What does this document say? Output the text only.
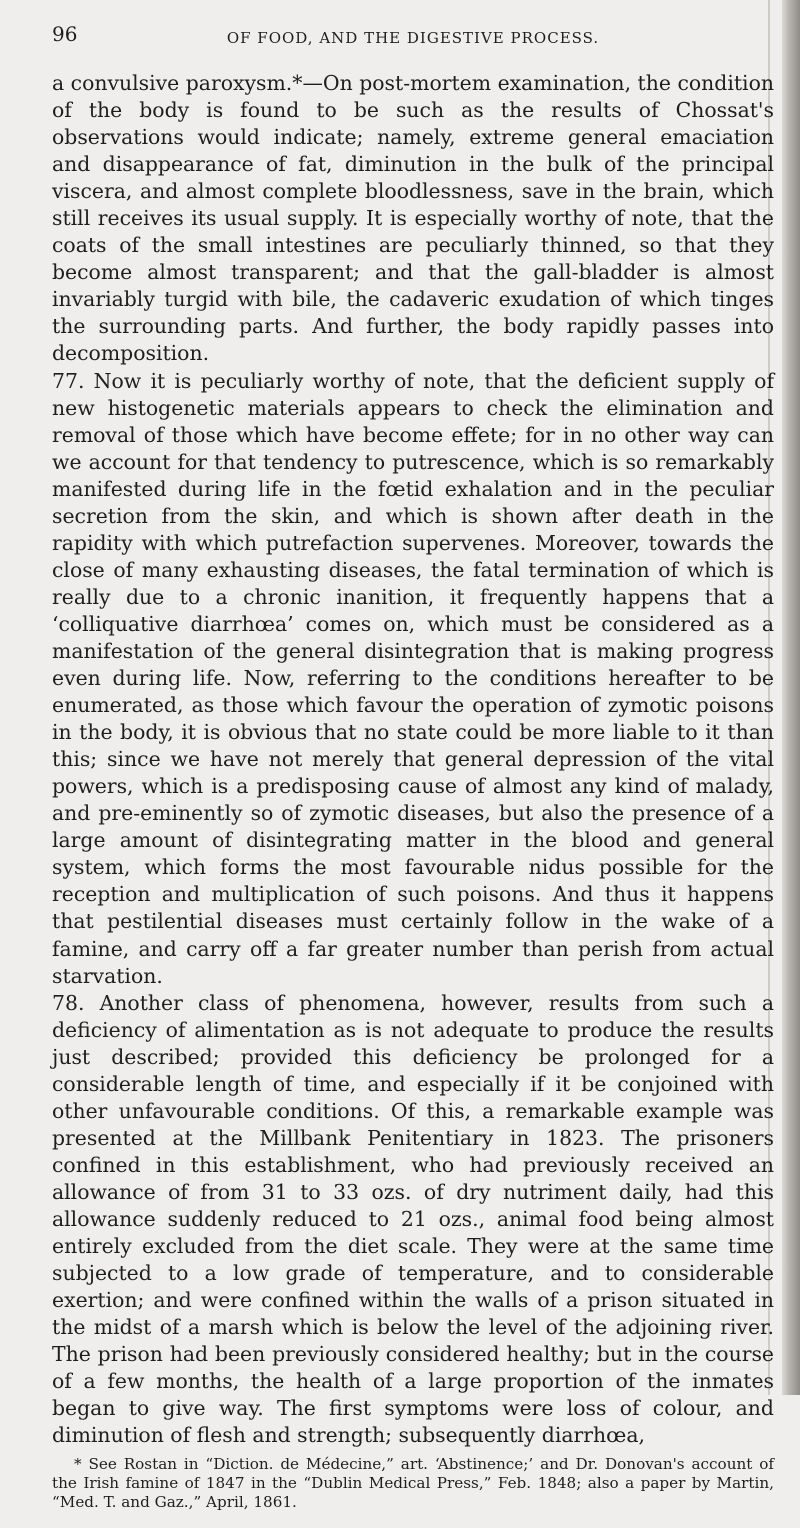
96	OF FOOD, AND THE DIGESTIVE PROCESS.

a convulsive paroxysm.*—On post-mortem examination, the condition of the body is found to be such as the results of Chossat's observations would indicate; namely, extreme general emaciation and disappearance of fat, diminution in the bulk of the principal viscera, and almost complete bloodlessness, save in the brain, which still receives its usual supply. It is especially worthy of note, that the coats of the small intestines are peculiarly thinned, so that they become almost transparent; and that the gall-bladder is almost invariably turgid with bile, the cadaveric exudation of which tinges the surrounding parts. And further, the body rapidly passes into decomposition.

77. Now it is peculiarly worthy of note, that the deficient supply of new histogenetic materials appears to check the elimination and removal of those which have become effete; for in no other way can we account for that tendency to putrescence, which is so remarkably manifested during life in the fœtid exhalation and in the peculiar secretion from the skin, and which is shown after death in the rapidity with which putrefaction supervenes. Moreover, towards the close of many exhausting diseases, the fatal termination of which is really due to a chronic inanition, it frequently happens that a ‘colliquative diarrhœa’ comes on, which must be considered as a manifestation of the general disintegration that is making progress even during life. Now, referring to the conditions hereafter to be enumerated, as those which favour the operation of zymotic poisons in the body, it is obvious that no state could be more liable to it than this; since we have not merely that general depression of the vital powers, which is a predisposing cause of almost any kind of malady, and pre-eminently so of zymotic diseases, but also the presence of a large amount of disintegrating matter in the blood and general system, which forms the most favourable nidus possible for the reception and multiplication of such poisons. And thus it happens that pestilential diseases must certainly follow in the wake of a famine, and carry off a far greater number than perish from actual starvation.

78. Another class of phenomena, however, results from such a deficiency of alimentation as is not adequate to produce the results just described; provided this deficiency be prolonged for a considerable length of time, and especially if it be conjoined with other unfavourable conditions. Of this, a remarkable example was presented at the Millbank Penitentiary in 1823. The prisoners confined in this establishment, who had previously received an allowance of from 31 to 33 ozs. of dry nutriment daily, had this allowance suddenly reduced to 21 ozs., animal food being almost entirely excluded from the diet scale. They were at the same time subjected to a low grade of temperature, and to considerable exertion; and were confined within the walls of a prison situated in the midst of a marsh which is below the level of the adjoining river. The prison had been previously considered healthy; but in the course of a few months, the health of a large proportion of the inmates began to give way. The first symptoms were loss of colour, and diminution of flesh and strength; subsequently diarrhœa,

* See Rostan in “Diction. de Médecine,” art. ‘Abstinence;’ and Dr. Donovan's account of the Irish famine of 1847 in the “Dublin Medical Press,” Feb. 1848; also a paper by Martin, “Med. T. and Gaz.,” April, 1861.
